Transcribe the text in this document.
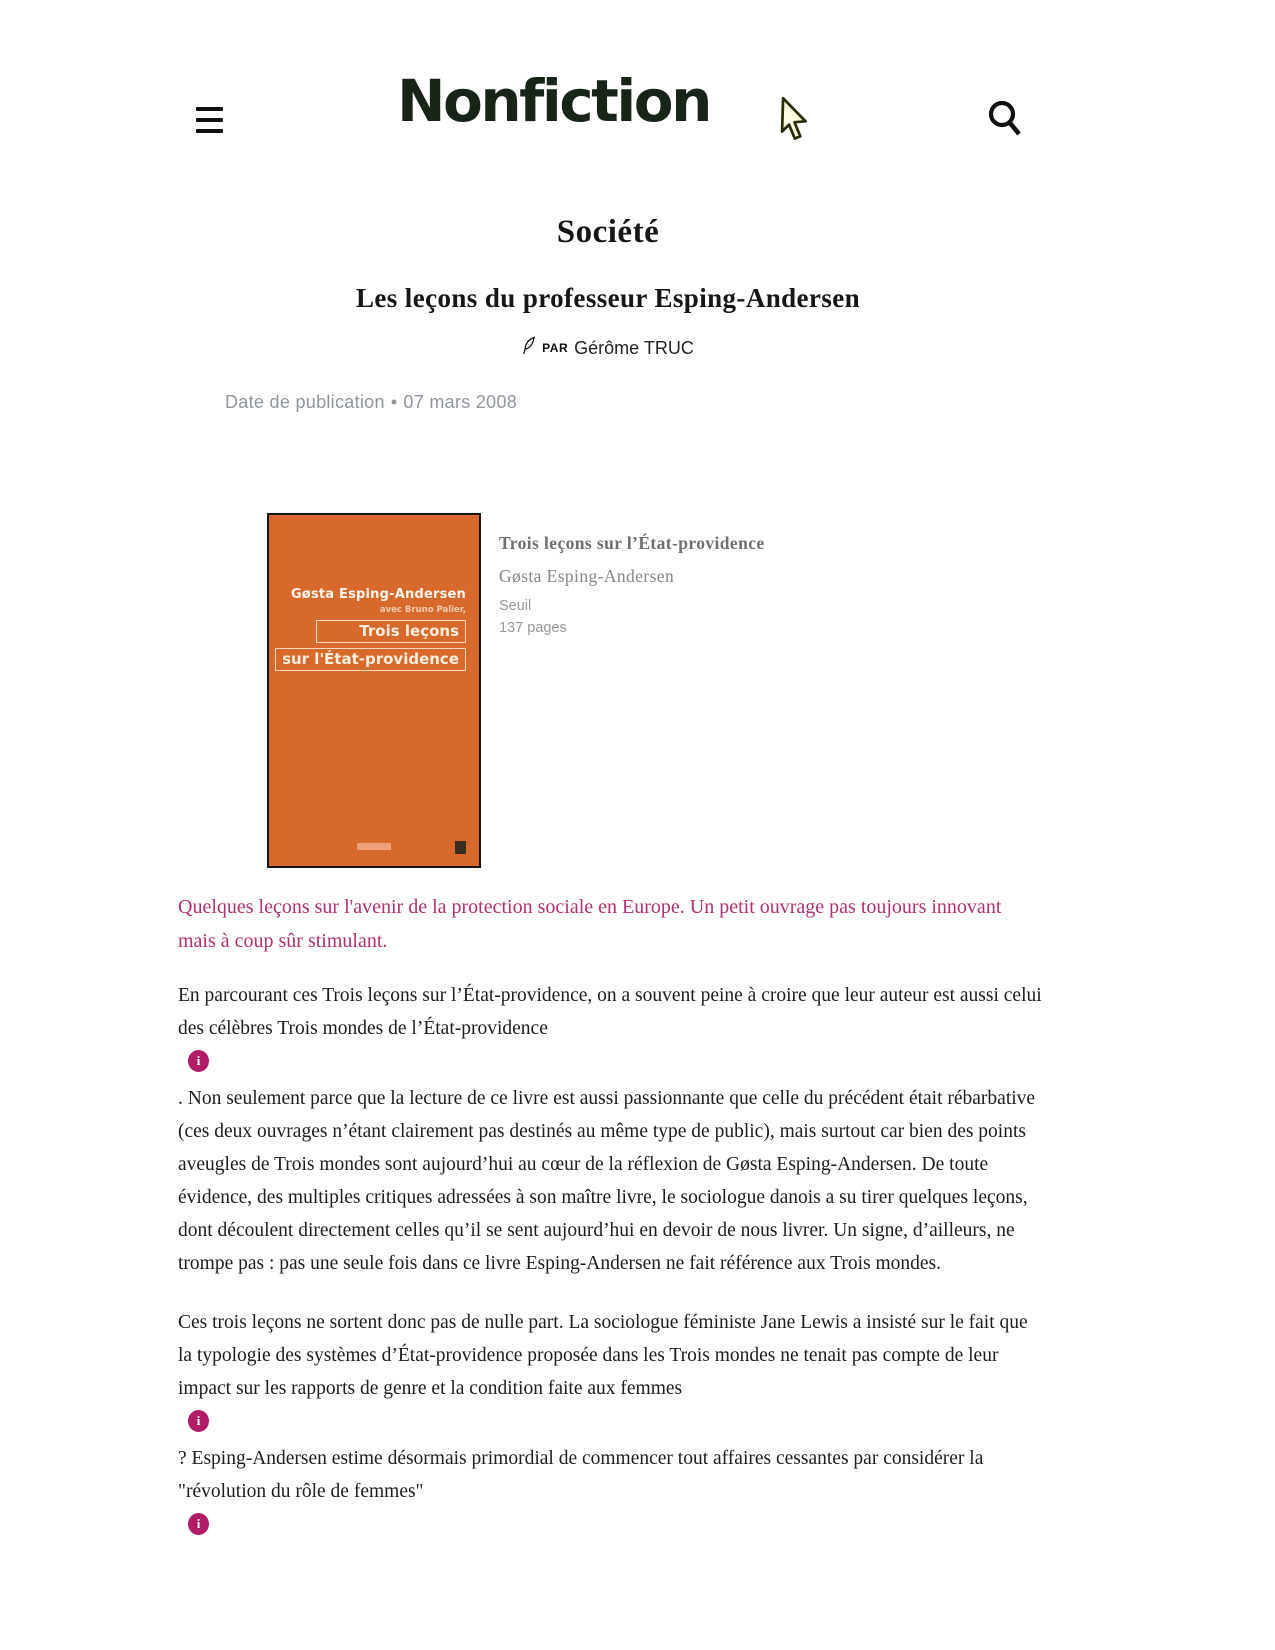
Nonfiction
Société
Les leçons du professeur Esping-Andersen
PAR Gérôme TRUC
Date de publication • 07 mars 2008
Gøsta Esping-Andersen
avec Bruno Palier,
Trois leçons
sur l'État-providence
Trois leçons sur l’État-providence
Gøsta Esping-Andersen
Seuil
137 pages

Quelques leçons sur l'avenir de la protection sociale en Europe. Un petit ouvrage pas toujours innovant mais à coup sûr stimulant.

En parcourant ces Trois leçons sur l’État-providence, on a souvent peine à croire que leur auteur est aussi celui des célèbres Trois mondes de l’État-providence

i

. Non seulement parce que la lecture de ce livre est aussi passionnante que celle du précédent était rébarbative (ces deux ouvrages n’étant clairement pas destinés au même type de public), mais surtout car bien des points aveugles de Trois mondes sont aujourd’hui au cœur de la réflexion de Gøsta Esping-Andersen. De toute évidence, des multiples critiques adressées à son maître livre, le sociologue danois a su tirer quelques leçons, dont découlent directement celles qu’il se sent aujourd’hui en devoir de nous livrer. Un signe, d’ailleurs, ne trompe pas : pas une seule fois dans ce livre Esping-Andersen ne fait référence aux Trois mondes.

Ces trois leçons ne sortent donc pas de nulle part. La sociologue féministe Jane Lewis a insisté sur le fait que la typologie des systèmes d’État-providence proposée dans les Trois mondes ne tenait pas compte de leur impact sur les rapports de genre et la condition faite aux femmes

i

? Esping-Andersen estime désormais primordial de commencer tout affaires cessantes par considérer la "révolution du rôle de femmes"

i
